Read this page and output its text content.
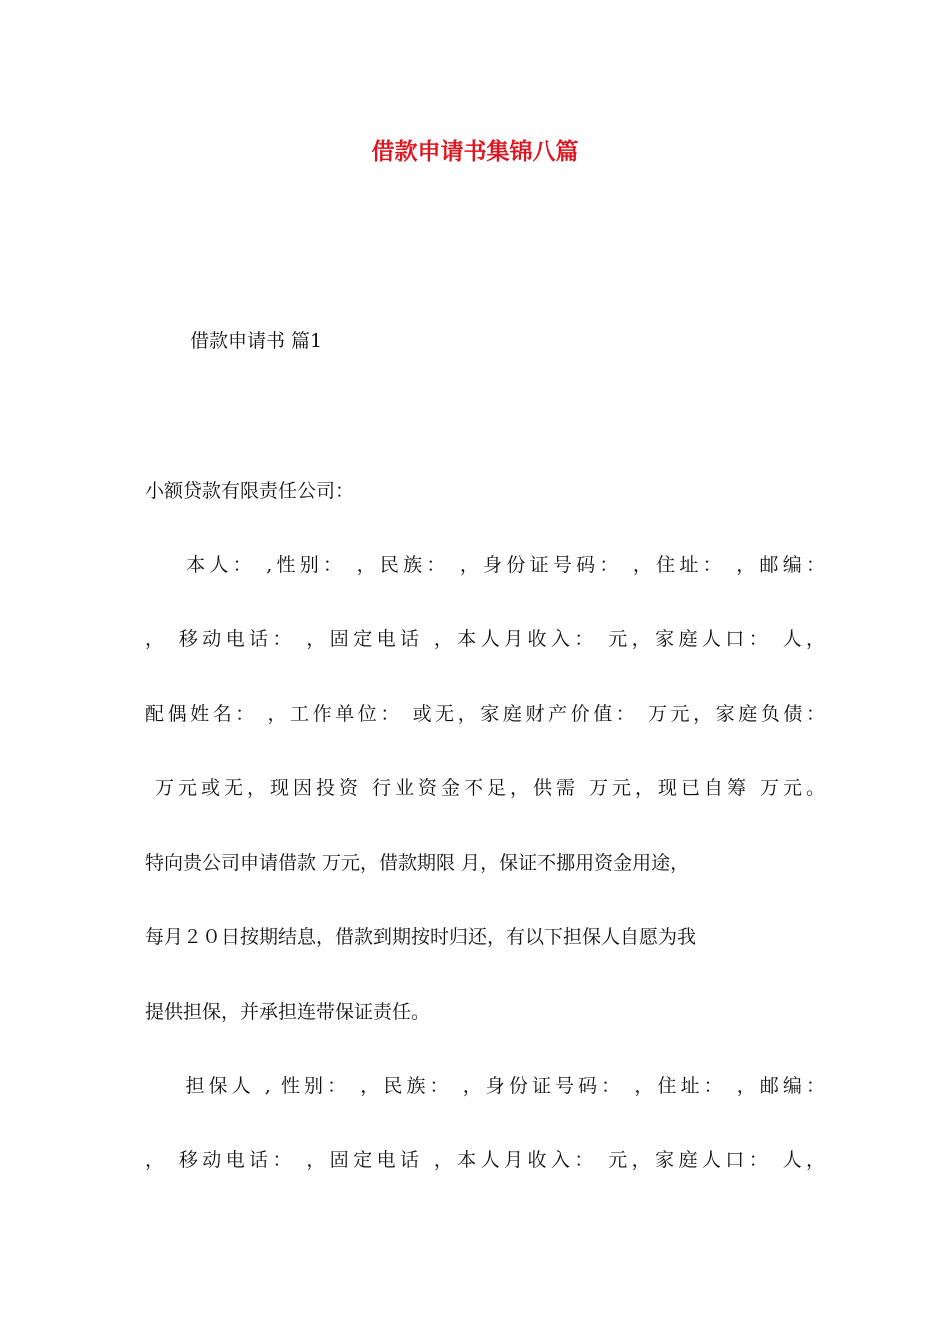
借款申请书集锦八篇

借款申请书 篇1

小额贷款有限责任公司：

本人： ,性别： ，民族： ，身份证号码： ，住址： ，邮编：

， 移动电话： ，固定电话 ，本人月收入： 元，家庭人口： 人，

配偶姓名： ，工作单位： 或无，家庭财产价值： 万元，家庭负债：

万元或无，现因投资 行业资金不足，供需 万元，现已自筹 万元。

特向贵公司申请借款 万元，借款期限 月，保证不挪用资金用途，

每月２０日按期结息，借款到期按时归还，有以下担保人自愿为我

提供担保，并承担连带保证责任。

担保人 , 性别： ，民族： ，身份证号码： ，住址： ，邮编：

， 移动电话： ，固定电话 ，本人月收入： 元，家庭人口： 人，
